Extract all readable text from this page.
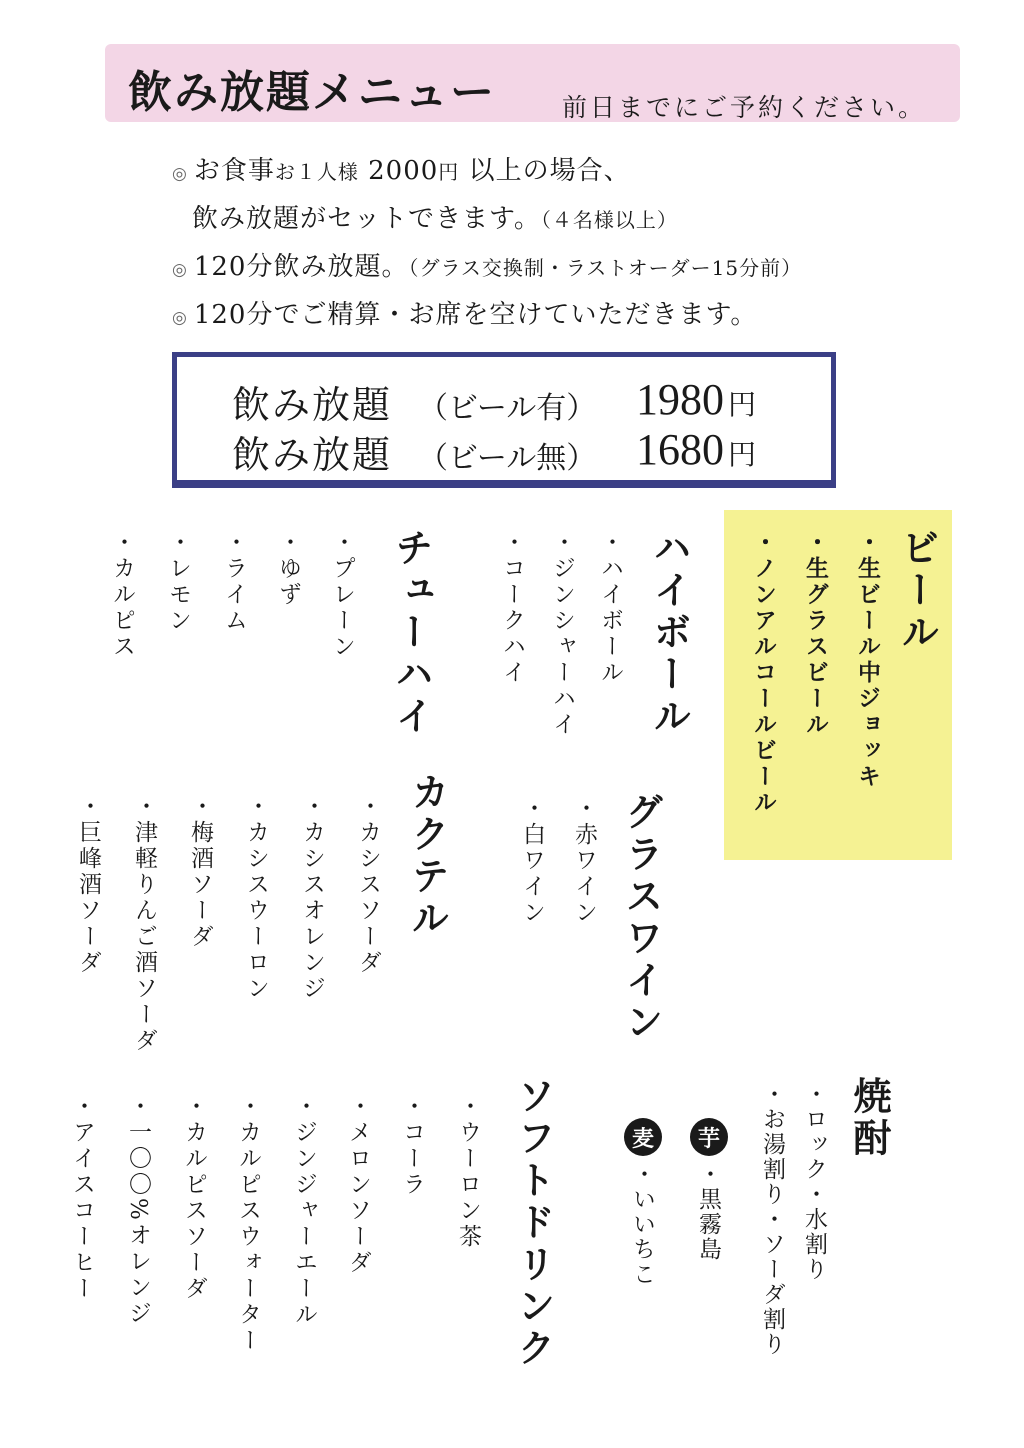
飲み放題メニュー	前日までにご予約ください。
◎ お食事お１人様 2000円 以上の場合、
飲み放題がセットできます。（４名様以上）
◎ 120分飲み放題。（グラス交換制・ラストオーダー15分前）
◎ 120分でご精算・お席を空けていただきます。
飲み放題 （ビール有） 1980 円
飲み放題 （ビール無） 1680 円

ビール

・ 生ビール中ジョッキ

・ 生グラスビール

・ ノンアルコールビール

ハイボール

・ ハイボール

・ ジンシャーハイ

・ コークハイ

チューハイ

・ プレーン

・ ゆず

・ ライム

・ レモン

・ カルピス

グラスワイン

・ 赤ワイン

・ 白ワイン

カクテル

・ カシスソーダ

・ カシスオレンジ

・ カシスウーロン

・ 梅酒ソーダ

・ 津軽りんご酒ソーダ

・ 巨峰酒ソーダ

焼酎

・ ロック・水割り

・ お湯割り・ソーダ割り

芋

・ 黒霧島

麦

・ いいちこ

ソフトドリンク

・ ウーロン茶

・ コーラ

・ メロンソーダ

・ ジンジャーエール

・ カルピスウォーター

・ カルピスソーダ

・ 一〇〇%オレンジ

・ アイスコーヒー
